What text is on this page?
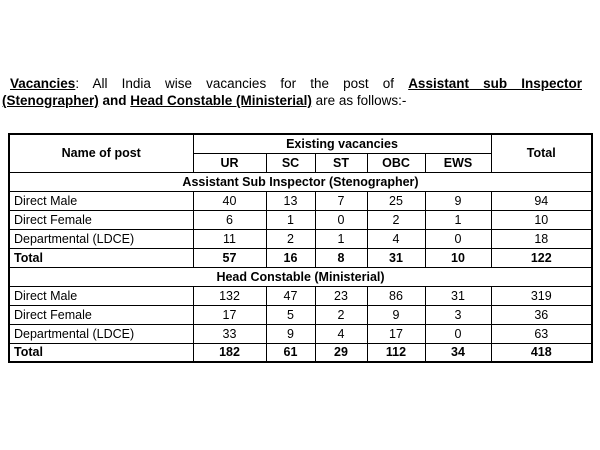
Vacancies: All India wise vacancies for the post of Assistant sub Inspector
(Stenographer) and Head Constable (Ministerial) are as follows:-
Name of post	Existing vacancies					Total
	UR	SC	ST	OBC	EWS	
Assistant Sub Inspector (Stenographer)						
Direct Male	40	13	7	25	9	94
Direct Female	6	1	0	2	1	10
Departmental (LDCE)	11	2	1	4	0	18
Total	57	16	8	31	10	122
Head Constable (Ministerial)						
Direct Male	132	47	23	86	31	319
Direct Female	17	5	2	9	3	36
Departmental (LDCE)	33	9	4	17	0	63
Total	182	61	29	112	34	418
